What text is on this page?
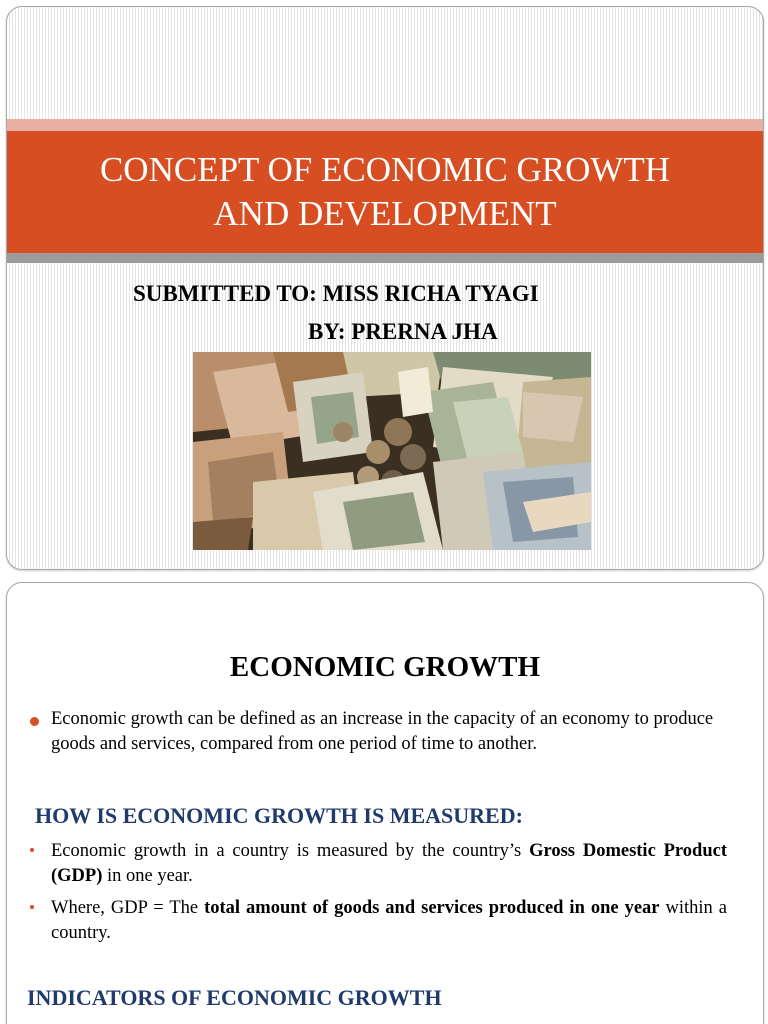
CONCEPT OF ECONOMIC GROWTH
AND DEVELOPMENT
SUBMITTED TO: MISS RICHA TYAGI
BY: PRERNA JHA
ECONOMIC GROWTH
Economic growth can be defined as an increase in the capacity of an economy to produce goods and services, compared from one period of time to another.
HOW IS ECONOMIC GROWTH IS MEASURED:
Economic growth in a country is measured by the country’s Gross Domestic Product (GDP) in one year.
Where, GDP = The total amount of goods and services produced in one year within a country.
INDICATORS OF ECONOMIC GROWTH
